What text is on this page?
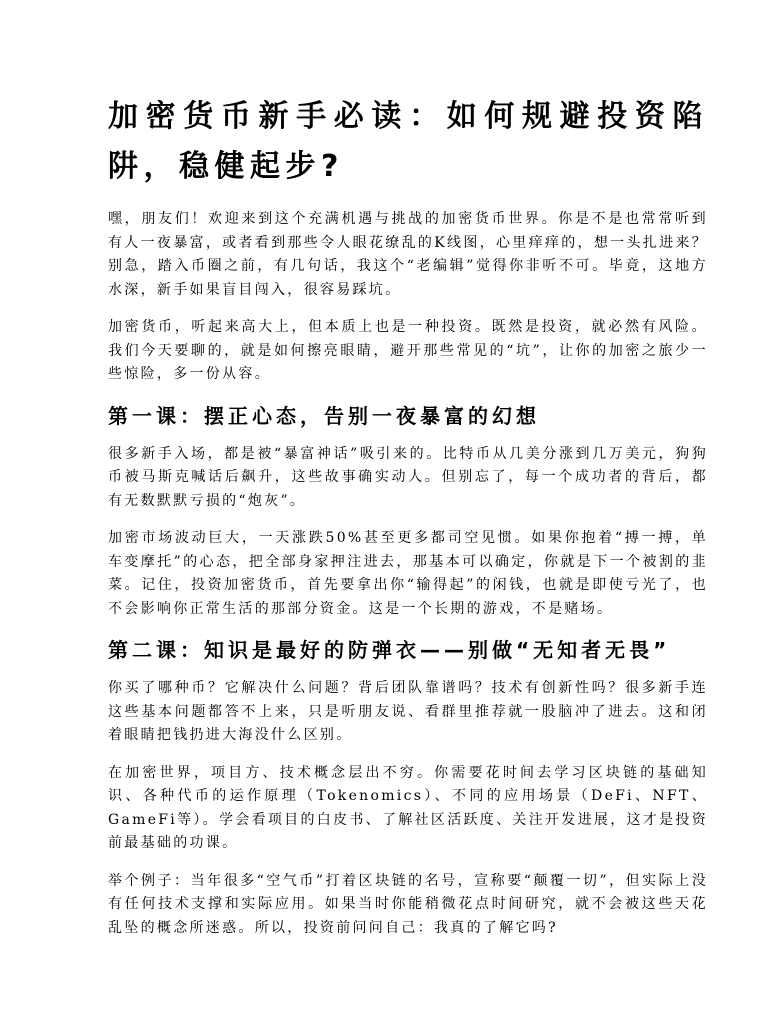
加密货币新手必读：如何规避投资陷阱，稳健起步?

嘿，朋友们！欢迎来到这个充满机遇与挑战的加密货币世界。你是不是也常常听到有人一夜暴富，或者看到那些令人眼花缭乱的K线图，心里痒痒的，想一头扎进来？别急，踏入币圈之前，有几句话，我这个“老编辑”觉得你非听不可。毕竟，这地方水深，新手如果盲目闯入，很容易踩坑。

加密货币，听起来高大上，但本质上也是一种投资。既然是投资，就必然有风险。我们今天要聊的，就是如何擦亮眼睛，避开那些常见的“坑”，让你的加密之旅少一些惊险，多一份从容。

第一课：摆正心态，告别一夜暴富的幻想

很多新手入场，都是被“暴富神话”吸引来的。比特币从几美分涨到几万美元，狗狗币被马斯克喊话后飙升，这些故事确实动人。但别忘了，每一个成功者的背后，都有无数默默亏损的“炮灰”。

加密市场波动巨大，一天涨跌50%甚至更多都司空见惯。如果你抱着“搏一搏，单车变摩托”的心态，把全部身家押注进去，那基本可以确定，你就是下一个被割的韭菜。记住，投资加密货币，首先要拿出你“输得起”的闲钱，也就是即使亏光了，也不会影响你正常生活的那部分资金。这是一个长期的游戏，不是赌场。

第二课：知识是最好的防弹衣——别做“无知者无畏”

你买了哪种币？它解决什么问题？背后团队靠谱吗？技术有创新性吗？很多新手连这些基本问题都答不上来，只是听朋友说、看群里推荐就一股脑冲了进去。这和闭着眼睛把钱扔进大海没什么区别。

在加密世界，项目方、技术概念层出不穷。你需要花时间去学习区块链的基础知识、各种代币的运作原理（Tokenomics）、不同的应用场景（DeFi、NFT、GameFi等）。学会看项目的白皮书、了解社区活跃度、关注开发进展，这才是投资前最基础的功课。

举个例子：当年很多“空气币”打着区块链的名号，宣称要“颠覆一切”，但实际上没有任何技术支撑和实际应用。如果当时你能稍微花点时间研究，就不会被这些天花乱坠的概念所迷惑。所以，投资前问问自己：我真的了解它吗?
